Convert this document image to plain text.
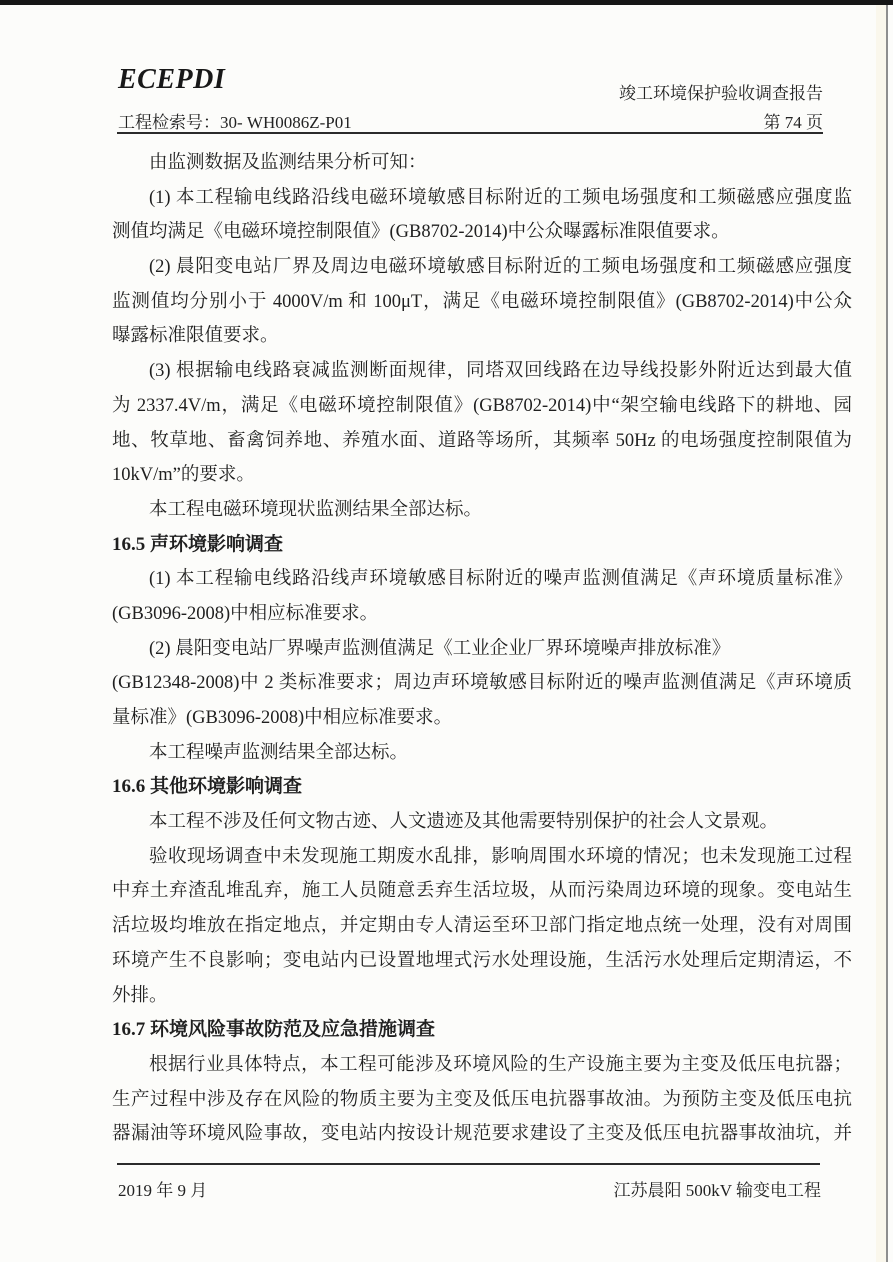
ECEPDI	竣工环境保护验收调查报告
工程检索号：30- WH0086Z-P01	第 74 页
由监测数据及监测结果分析可知：
(1) 本工程输电线路沿线电磁环境敏感目标附近的工频电场强度和工频磁感应强度监
测值均满足《电磁环境控制限值》(GB8702-2014)中公众曝露标准限值要求。
(2) 晨阳变电站厂界及周边电磁环境敏感目标附近的工频电场强度和工频磁感应强度
监测值均分别小于 4000V/m 和 100μT，满足《电磁环境控制限值》(GB8702-2014)中公众
曝露标准限值要求。
(3) 根据输电线路衰减监测断面规律，同塔双回线路在边导线投影外附近达到最大值
为 2337.4V/m，满足《电磁环境控制限值》(GB8702-2014)中“架空输电线路下的耕地、园
地、牧草地、畜禽饲养地、养殖水面、道路等场所，其频率 50Hz 的电场强度控制限值为
10kV/m”的要求。
本工程电磁环境现状监测结果全部达标。
16.5 声环境影响调查
(1) 本工程输电线路沿线声环境敏感目标附近的噪声监测值满足《声环境质量标准》
(GB3096-2008)中相应标准要求。
(2) 晨阳变电站厂界噪声监测值满足《工业企业厂界环境噪声排放标准》
(GB12348-2008)中 2 类标准要求；周边声环境敏感目标附近的噪声监测值满足《声环境质
量标准》(GB3096-2008)中相应标准要求。
本工程噪声监测结果全部达标。
16.6 其他环境影响调查
本工程不涉及任何文物古迹、人文遗迹及其他需要特别保护的社会人文景观。
验收现场调查中未发现施工期废水乱排，影响周围水环境的情况；也未发现施工过程
中弃土弃渣乱堆乱弃，施工人员随意丢弃生活垃圾，从而污染周边环境的现象。变电站生
活垃圾均堆放在指定地点，并定期由专人清运至环卫部门指定地点统一处理，没有对周围
环境产生不良影响；变电站内已设置地埋式污水处理设施，生活污水处理后定期清运，不
外排。
16.7 环境风险事故防范及应急措施调查
根据行业具体特点，本工程可能涉及环境风险的生产设施主要为主变及低压电抗器；
生产过程中涉及存在风险的物质主要为主变及低压电抗器事故油。为预防主变及低压电抗
器漏油等环境风险事故，变电站内按设计规范要求建设了主变及低压电抗器事故油坑，并
2019 年 9 月	江苏晨阳 500kV 输变电工程
